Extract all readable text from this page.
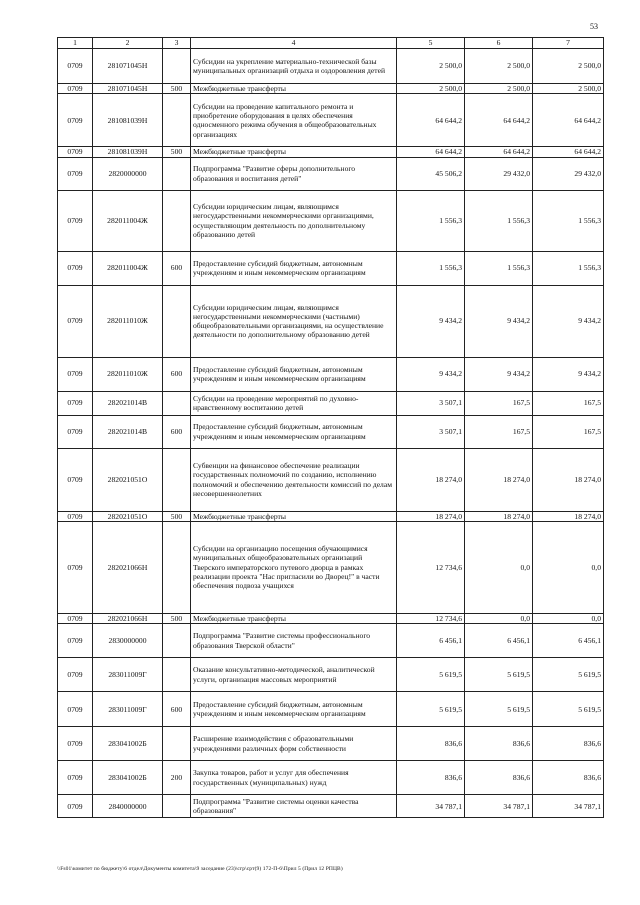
53
1	2	3	4	5	6	7
0709	281071045Н		Субсидии на укрепление материально-технической базы муниципальных организаций отдыха и оздоровления детей	2 500,0	2 500,0	2 500,0
0709	281071045Н	500	Межбюджетные трансферты	2 500,0	2 500,0	2 500,0
0709	281081039Н		Субсидии на проведение капитального ремонта и приобретение оборудования в целях обеспечения односменного режима обучения в общеобразовательных организациях	64 644,2	64 644,2	64 644,2
0709	281081039Н	500	Межбюджетные трансферты	64 644,2	64 644,2	64 644,2
0709	2820000000		Подпрограмма "Развитие сферы дополнительного образования и воспитания детей"	45 506,2	29 432,0	29 432,0
0709	282011004Ж		Субсидии юридическим лицам, являющимся негосударственными некоммерческими организациями, осуществляющим деятельность по дополнительному образованию детей	1 556,3	1 556,3	1 556,3
0709	282011004Ж	600	Предоставление субсидий бюджетным, автономным учреждениям и иным некоммерческим организациям	1 556,3	1 556,3	1 556,3
0709	282011010Ж		Субсидии юридическим лицам, являющимся негосударственными некоммерческими (частными) общеобразовательными организациями, на осуществление деятельности по дополнительному образованию детей	9 434,2	9 434,2	9 434,2
0709	282011010Ж	600	Предоставление субсидий бюджетным, автономным учреждениям и иным некоммерческим организациям	9 434,2	9 434,2	9 434,2
0709	282021014В		Субсидии на проведение мероприятий по духовно-нравственному воспитанию детей	3 507,1	167,5	167,5
0709	282021014В	600	Предоставление субсидий бюджетным, автономным учреждениям и иным некоммерческим организациям	3 507,1	167,5	167,5
0709	282021051О		Субвенции на финансовое обеспечение реализации государственных полномочий по созданию, исполнению полномочий и обеспечению деятельности комиссий по делам несовершеннолетних	18 274,0	18 274,0	18 274,0
0709	282021051О	500	Межбюджетные трансферты	18 274,0	18 274,0	18 274,0
0709	282021066Н		Субсидии на организацию посещения обучающимися муниципальных общеобразовательных организаций Тверского императорского путевого дворца в рамках реализации проекта "Нас пригласили во Дворец!" в части обеспечения подвоза учащихся	12 734,6	0,0	0,0
0709	282021066Н	500	Межбюджетные трансферты	12 734,6	0,0	0,0
0709	2830000000		Подпрограмма "Развитие системы профессионального образования Тверской области"	6 456,1	6 456,1	6 456,1
0709	283011009Г		Оказание консультативно-методической, аналитической услуги, организация массовых мероприятий	5 619,5	5 619,5	5 619,5
0709	283011009Г	600	Предоставление субсидий бюджетным, автономным учреждениям и иным некоммерческим организациям	5 619,5	5 619,5	5 619,5
0709	283041002Б		Расширение взаимодействия с образовательными учреждениями различных форм собственности	836,6	836,6	836,6
0709	283041002Б	200	Закупка товаров, работ и услуг для обеспечения государственных (муниципальных) нужд	836,6	836,6	836,6
0709	2840000000		Подпрограмма "Развитие системы оценки качества образования"	34 787,1	34 787,1	34 787,1
\\Fs01\комитет по бюджету\6 отдел\Документы комитета\9 заседание (23)\сгр\срт(9) 172-П-6\Прил 5 (Прил 12 РПЦВ)
